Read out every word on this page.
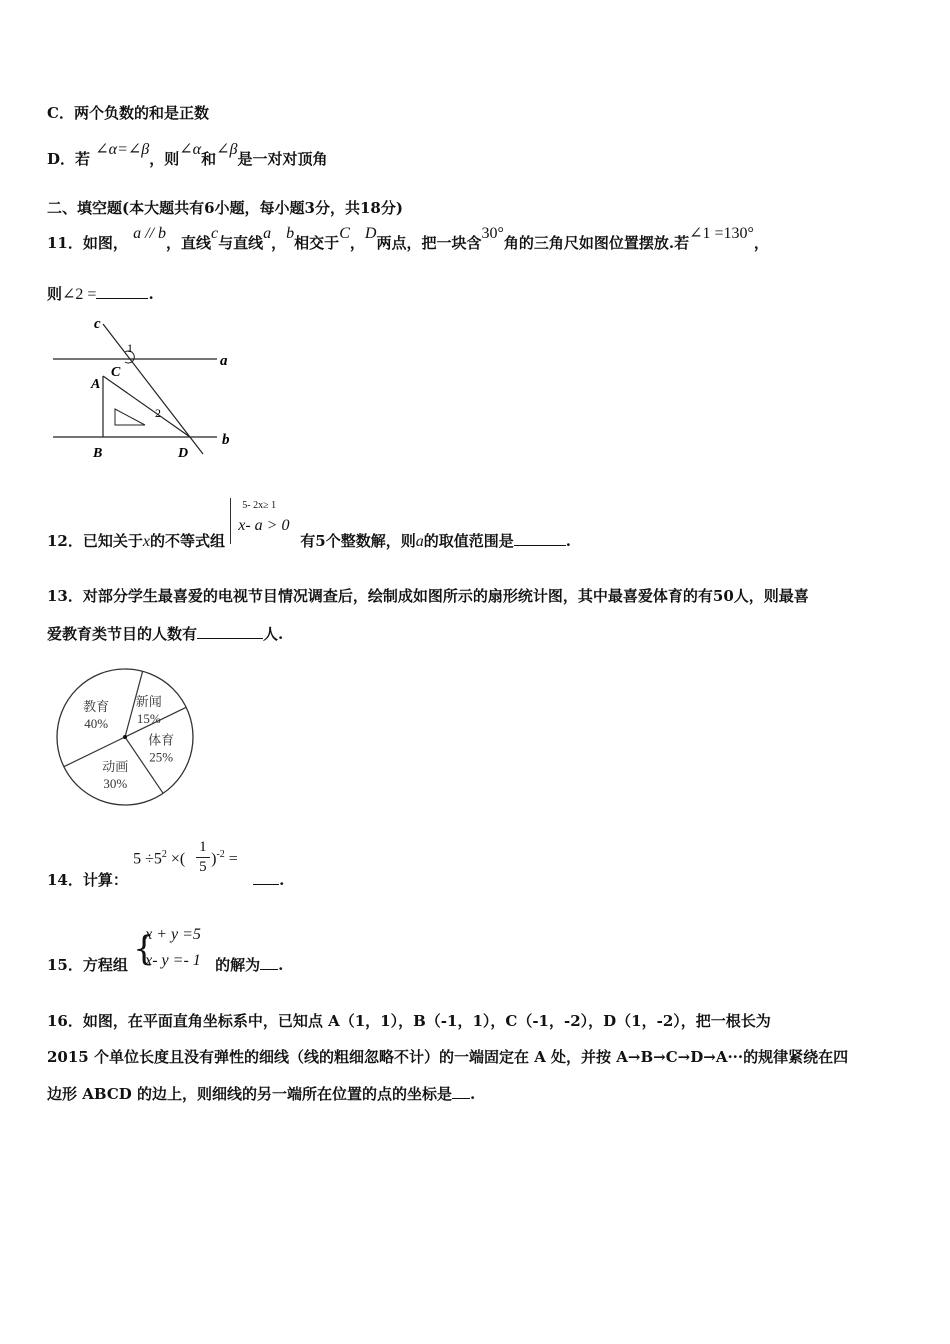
C．两个负数的和是正数
D．若 ∠α=∠β，则∠α和∠β是一对对顶角
二、填空题(本大题共有6小题，每小题3分，共18分)
11．如图， a // b，直线c与直线a，b相交于C，D两点，把一块含30°角的三角尺如图位置摆放.若∠1 =130°，
则∠2 =	.
c
a
b
C
A
B	D
1
2
12．已知关于x的不等式组
5- 2x≥ 1
x- a > 0
有5个整数解，则a的取值范围是	.
13．对部分学生最喜爱的电视节目情况调查后，绘制成如图所示的扇形统计图，其中最喜爱体育的有50人，则最喜
爱教育类节目的人数有	人.
新闻
15%
体育
25%
动画
30%
教育
40%
14．计算：
$5 \div 5^2$ ×(
1
5 )$^{-2}$ =
.
15．方程组 {
x + y =5
x- y =- 1 的解为 .
16．如图，在平面直角坐标系中，已知点 A（1，1），B（-1，1），C（-1，-2），D（1，-2），把一根长为
2015 个单位长度且没有弹性的细线（线的粗细忽略不计）的一端固定在 A 处，并按 A→B→C→D→A···的规律紧绕在四
边形 ABCD 的边上，则细线的另一端所在位置的点的坐标是 .
